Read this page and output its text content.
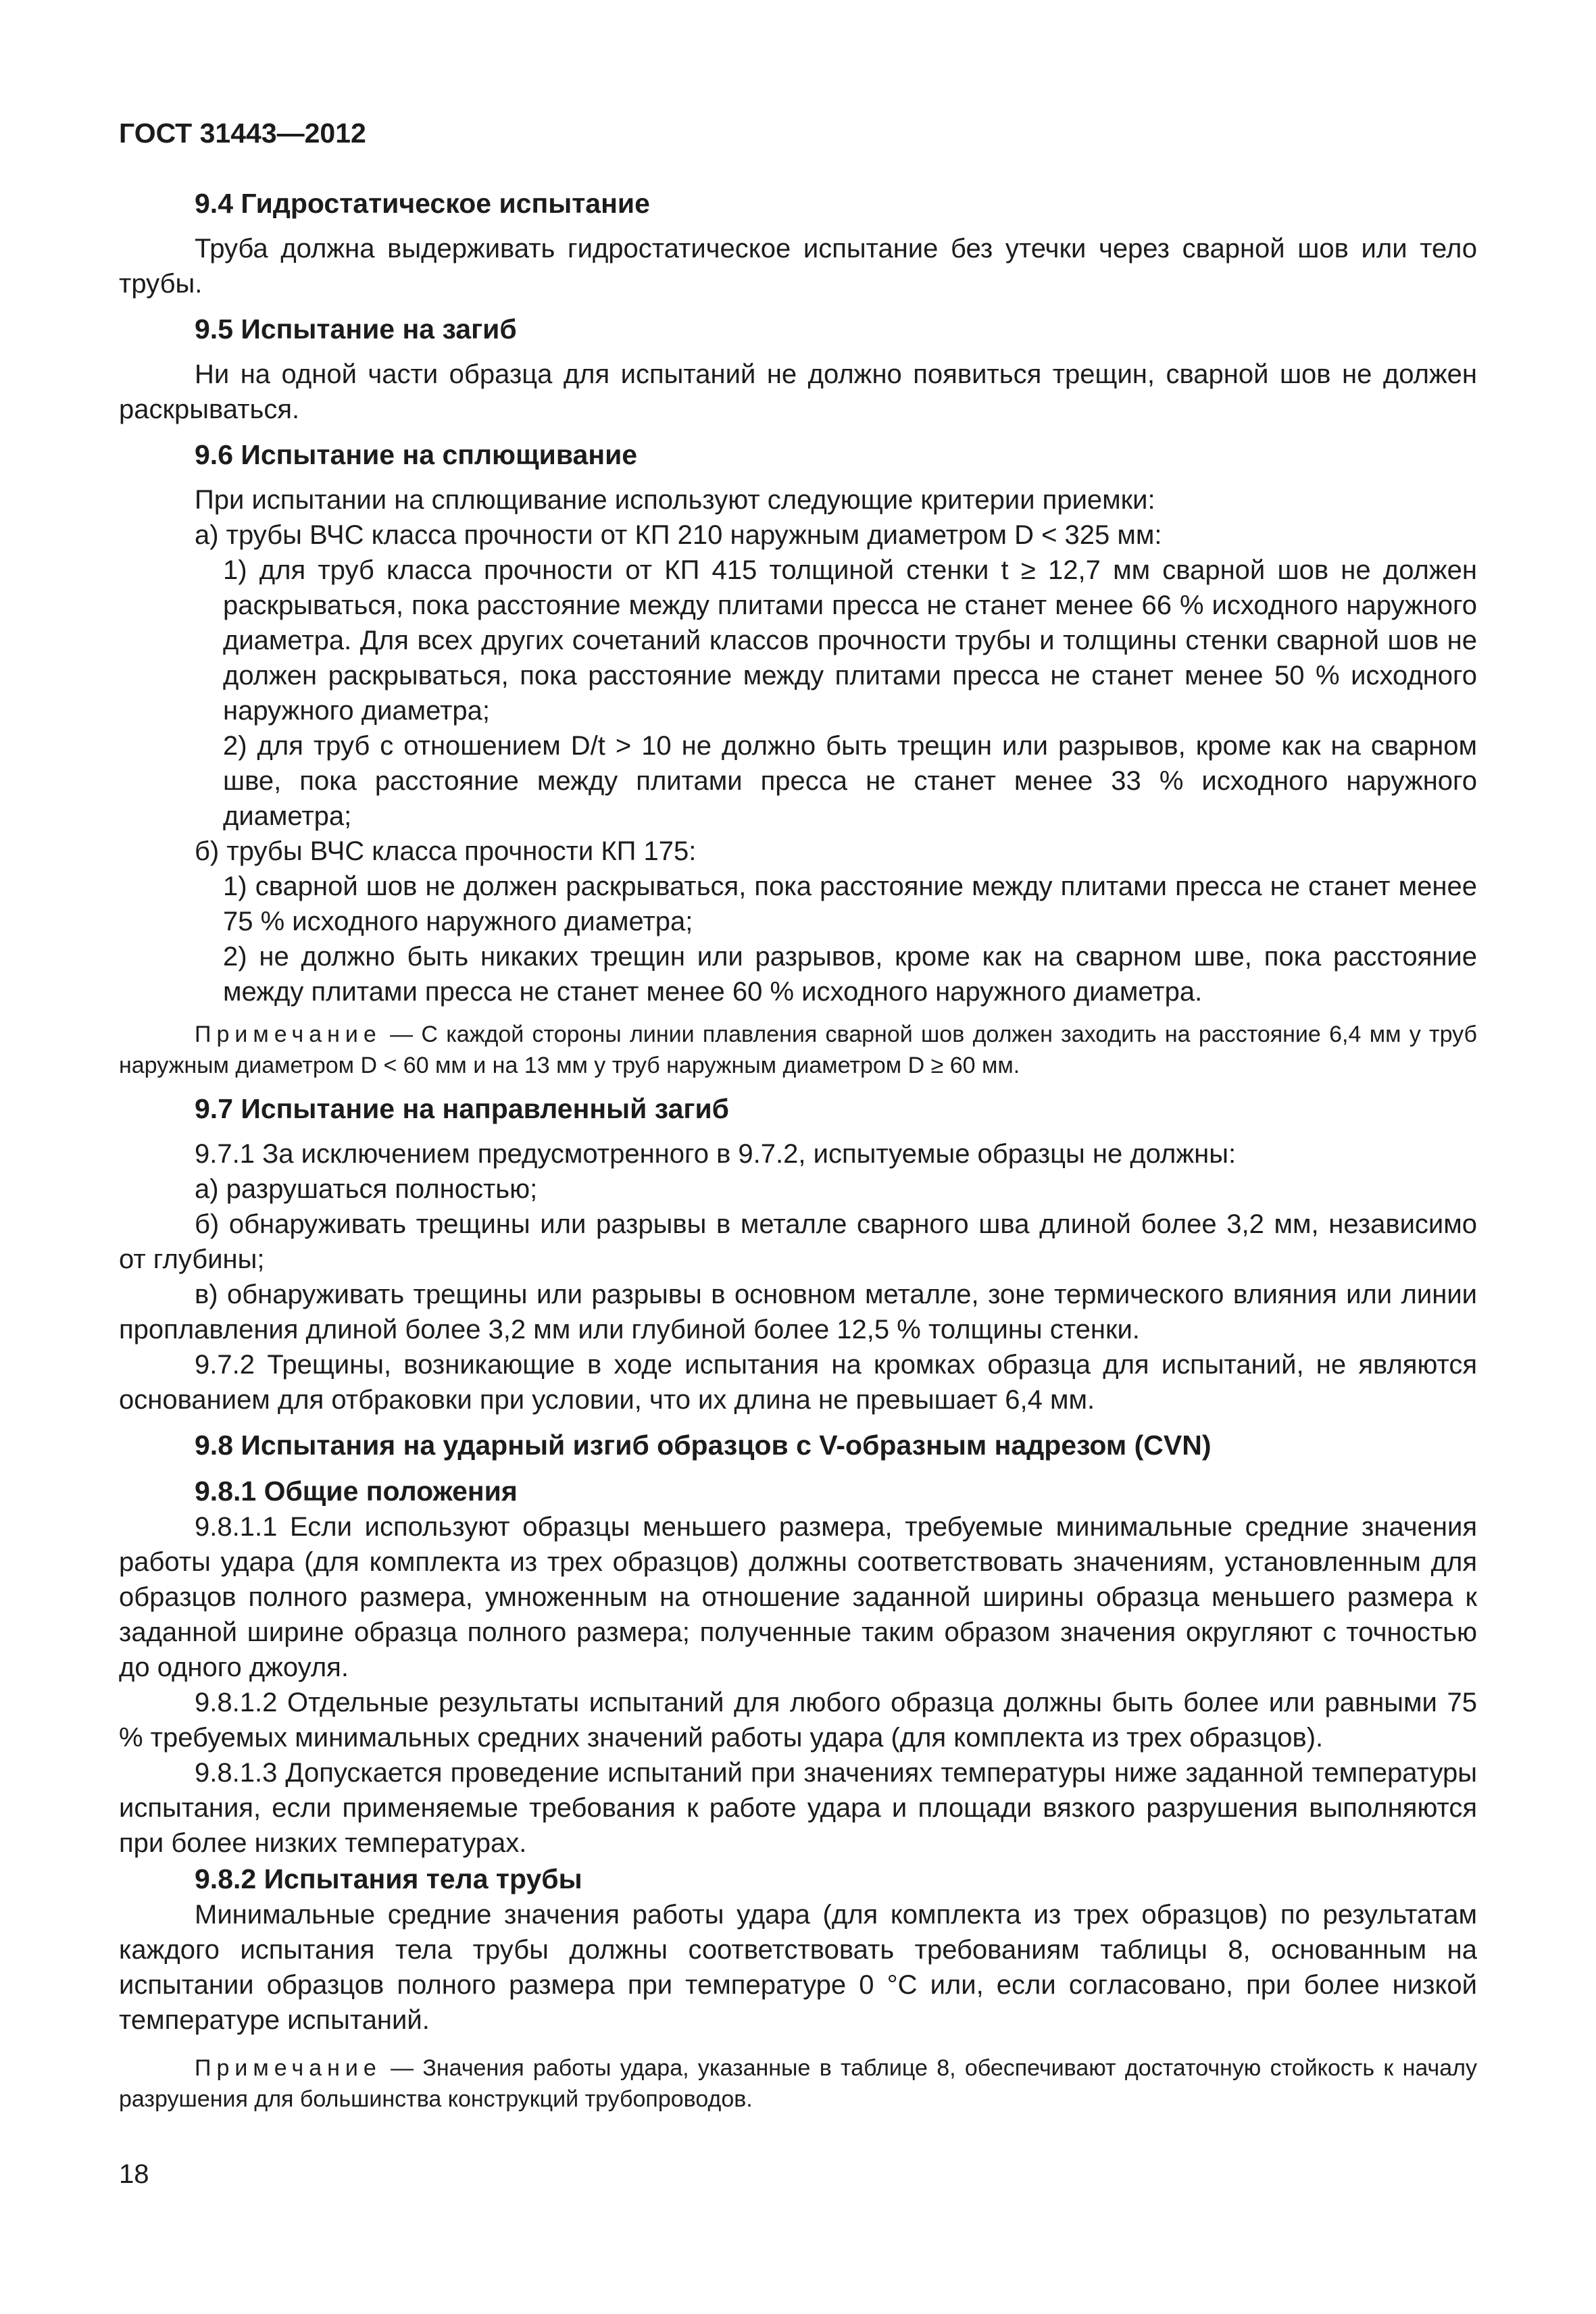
ГОСТ 31443—2012
9.4 Гидростатическое испытание

Труба должна выдерживать гидростатическое испытание без утечки через сварной шов или тело трубы.

9.5 Испытание на загиб

Ни на одной части образца для испытаний не должно появиться трещин, сварной шов не должен раскрываться.

9.6 Испытание на сплющивание

При испытании на сплющивание используют следующие критерии приемки:

а) трубы ВЧС класса прочности от КП 210 наружным диаметром D < 325 мм:

1) для труб класса прочности от КП 415 толщиной стенки t ≥ 12,7 мм сварной шов не должен раскрываться, пока расстояние между плитами пресса не станет менее 66 % исходного наружного диаметра. Для всех других сочетаний классов прочности трубы и толщины стенки сварной шов не должен раскрываться, пока расстояние между плитами пресса не станет менее 50 % исходного наружного диаметра;

2) для труб с отношением D/t > 10 не должно быть трещин или разрывов, кроме как на сварном шве, пока расстояние между плитами пресса не станет менее 33 % исходного наружного диаметра;

б) трубы ВЧС класса прочности КП 175:

1) сварной шов не должен раскрываться, пока расстояние между плитами пресса не станет менее 75 % исходного наружного диаметра;

2) не должно быть никаких трещин или разрывов, кроме как на сварном шве, пока расстояние между плитами пресса не станет менее 60 % исходного наружного диаметра.

Примечание — С каждой стороны линии плавления сварной шов должен заходить на расстояние 6,4 мм у труб наружным диаметром D < 60 мм и на 13 мм у труб наружным диаметром D ≥ 60 мм.

9.7 Испытание на направленный загиб

9.7.1 За исключением предусмотренного в 9.7.2, испытуемые образцы не должны:

а) разрушаться полностью;

б) обнаруживать трещины или разрывы в металле сварного шва длиной более 3,2 мм, независимо от глубины;

в) обнаруживать трещины или разрывы в основном металле, зоне термического влияния или линии проплавления длиной более 3,2 мм или глубиной более 12,5 % толщины стенки.

9.7.2 Трещины, возникающие в ходе испытания на кромках образца для испытаний, не являются основанием для отбраковки при условии, что их длина не превышает 6,4 мм.

9.8 Испытания на ударный изгиб образцов с V-образным надрезом (CVN)
9.8.1 Общие положения

9.8.1.1 Если используют образцы меньшего размера, требуемые минимальные средние значения работы удара (для комплекта из трех образцов) должны соответствовать значениям, установленным для образцов полного размера, умноженным на отношение заданной ширины образца меньшего размера к заданной ширине образца полного размера; полученные таким образом значения округляют с точностью до одного джоуля.

9.8.1.2 Отдельные результаты испытаний для любого образца должны быть более или равными 75 % требуемых минимальных средних значений работы удара (для комплекта из трех образцов).

9.8.1.3 Допускается проведение испытаний при значениях температуры ниже заданной температуры испытания, если применяемые требования к работе удара и площади вязкого разрушения выполняются при более низких температурах.

9.8.2 Испытания тела трубы

Минимальные средние значения работы удара (для комплекта из трех образцов) по результатам каждого испытания тела трубы должны соответствовать требованиям таблицы 8, основанным на испытании образцов полного размера при температуре 0 °С или, если согласовано, при более низкой температуре испытаний.

Примечание — Значения работы удара, указанные в таблице 8, обеспечивают достаточную стойкость к началу разрушения для большинства конструкций трубопроводов.

18
